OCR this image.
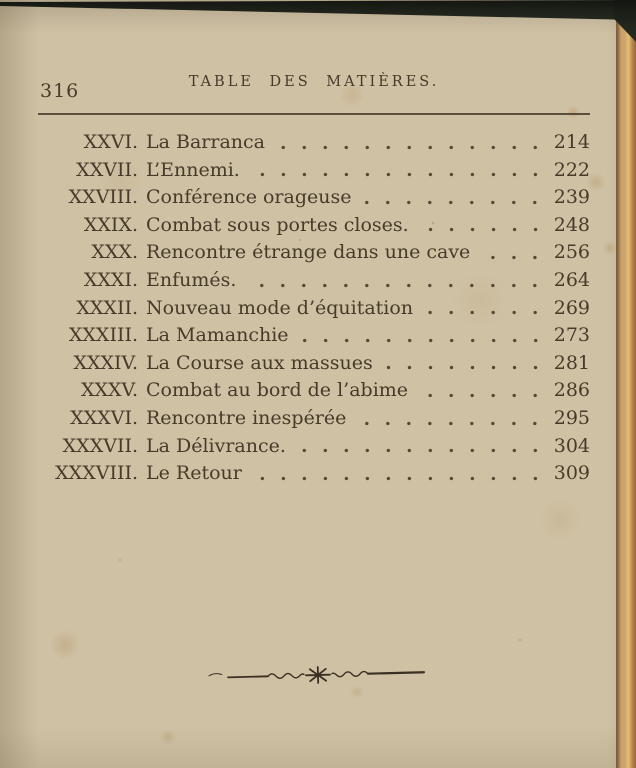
316	TABLE DES MATIÈRES.
XXVI. La Barranca	214
XXVII. L’Ennemi.	222
XXVIII. Conférence orageuse	239
XXIX. Combat sous portes closes.	248
XXX. Rencontre étrange dans une cave	256
XXXI. Enfumés.	264
XXXII. Nouveau mode d’équitation	269
XXXIII. La Mamanchie	273
XXXIV. La Course aux massues	281
XXXV. Combat au bord de l’abime	286
XXXVI. Rencontre inespérée	295
XXXVII. La Délivrance.	304
XXXVIII. Le Retour	309
